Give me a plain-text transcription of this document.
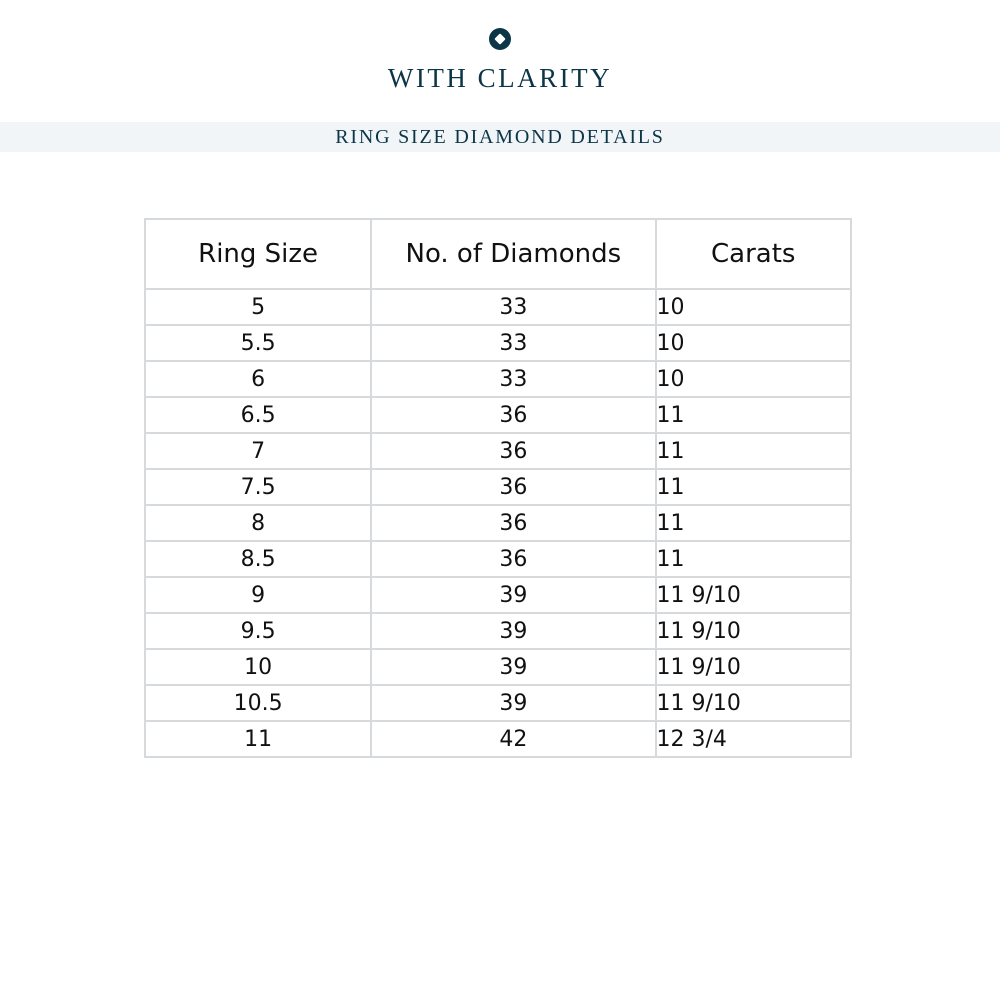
WITH CLARITY
RING SIZE DIAMOND DETAILS
Ring Size	No. of Diamonds	Carats
5	33	10
5.5	33	10
6	33	10
6.5	36	11
7	36	11
7.5	36	11
8	36	11
8.5	36	11
9	39	11 9/10
9.5	39	11 9/10
10	39	11 9/10
10.5	39	11 9/10
11	42	12 3/4
